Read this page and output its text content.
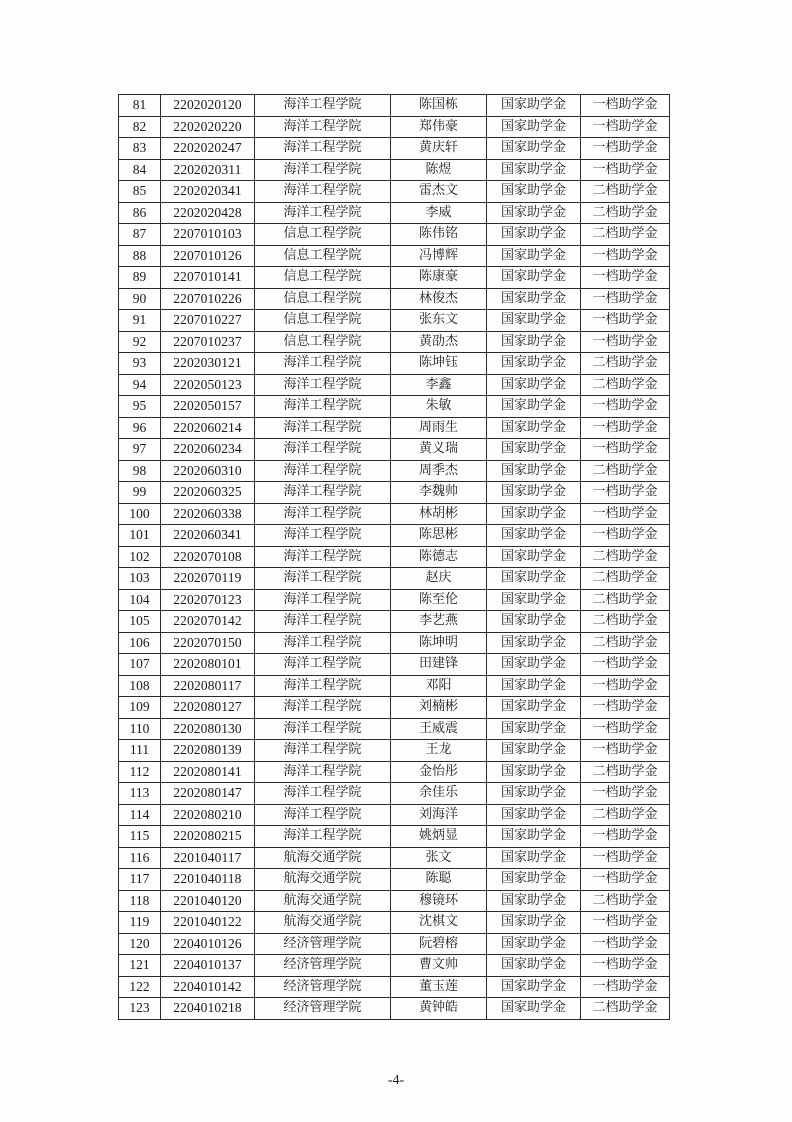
81	2202020120	海洋工程学院	陈国栋	国家助学金	一档助学金
82	2202020220	海洋工程学院	郑伟豪	国家助学金	一档助学金
83	2202020247	海洋工程学院	黄庆轩	国家助学金	一档助学金
84	2202020311	海洋工程学院	陈煜	国家助学金	一档助学金
85	2202020341	海洋工程学院	雷杰文	国家助学金	二档助学金
86	2202020428	海洋工程学院	李威	国家助学金	二档助学金
87	2207010103	信息工程学院	陈伟铭	国家助学金	二档助学金
88	2207010126	信息工程学院	冯博辉	国家助学金	一档助学金
89	2207010141	信息工程学院	陈康豪	国家助学金	一档助学金
90	2207010226	信息工程学院	林俊杰	国家助学金	一档助学金
91	2207010227	信息工程学院	张东文	国家助学金	一档助学金
92	2207010237	信息工程学院	黄劭杰	国家助学金	一档助学金
93	2202030121	海洋工程学院	陈坤钰	国家助学金	二档助学金
94	2202050123	海洋工程学院	李鑫	国家助学金	二档助学金
95	2202050157	海洋工程学院	朱敏	国家助学金	一档助学金
96	2202060214	海洋工程学院	周雨生	国家助学金	一档助学金
97	2202060234	海洋工程学院	黄义瑞	国家助学金	一档助学金
98	2202060310	海洋工程学院	周季杰	国家助学金	二档助学金
99	2202060325	海洋工程学院	李魏帅	国家助学金	一档助学金
100	2202060338	海洋工程学院	林胡彬	国家助学金	一档助学金
101	2202060341	海洋工程学院	陈思彬	国家助学金	一档助学金
102	2202070108	海洋工程学院	陈德志	国家助学金	二档助学金
103	2202070119	海洋工程学院	赵庆	国家助学金	二档助学金
104	2202070123	海洋工程学院	陈至伦	国家助学金	二档助学金
105	2202070142	海洋工程学院	李艺燕	国家助学金	二档助学金
106	2202070150	海洋工程学院	陈坤明	国家助学金	二档助学金
107	2202080101	海洋工程学院	田建锋	国家助学金	一档助学金
108	2202080117	海洋工程学院	邓阳	国家助学金	一档助学金
109	2202080127	海洋工程学院	刘楠彬	国家助学金	一档助学金
110	2202080130	海洋工程学院	王威震	国家助学金	一档助学金
111	2202080139	海洋工程学院	王龙	国家助学金	一档助学金
112	2202080141	海洋工程学院	金怡彤	国家助学金	二档助学金
113	2202080147	海洋工程学院	余佳乐	国家助学金	一档助学金
114	2202080210	海洋工程学院	刘海洋	国家助学金	二档助学金
115	2202080215	海洋工程学院	姚炳显	国家助学金	一档助学金
116	2201040117	航海交通学院	张文	国家助学金	一档助学金
117	2201040118	航海交通学院	陈聪	国家助学金	一档助学金
118	2201040120	航海交通学院	穆镜环	国家助学金	二档助学金
119	2201040122	航海交通学院	沈棋文	国家助学金	一档助学金
120	2204010126	经济管理学院	阮碧榕	国家助学金	一档助学金
121	2204010137	经济管理学院	曹文帅	国家助学金	一档助学金
122	2204010142	经济管理学院	董玉莲	国家助学金	一档助学金
123	2204010218	经济管理学院	黄钟皓	国家助学金	二档助学金
-4-
